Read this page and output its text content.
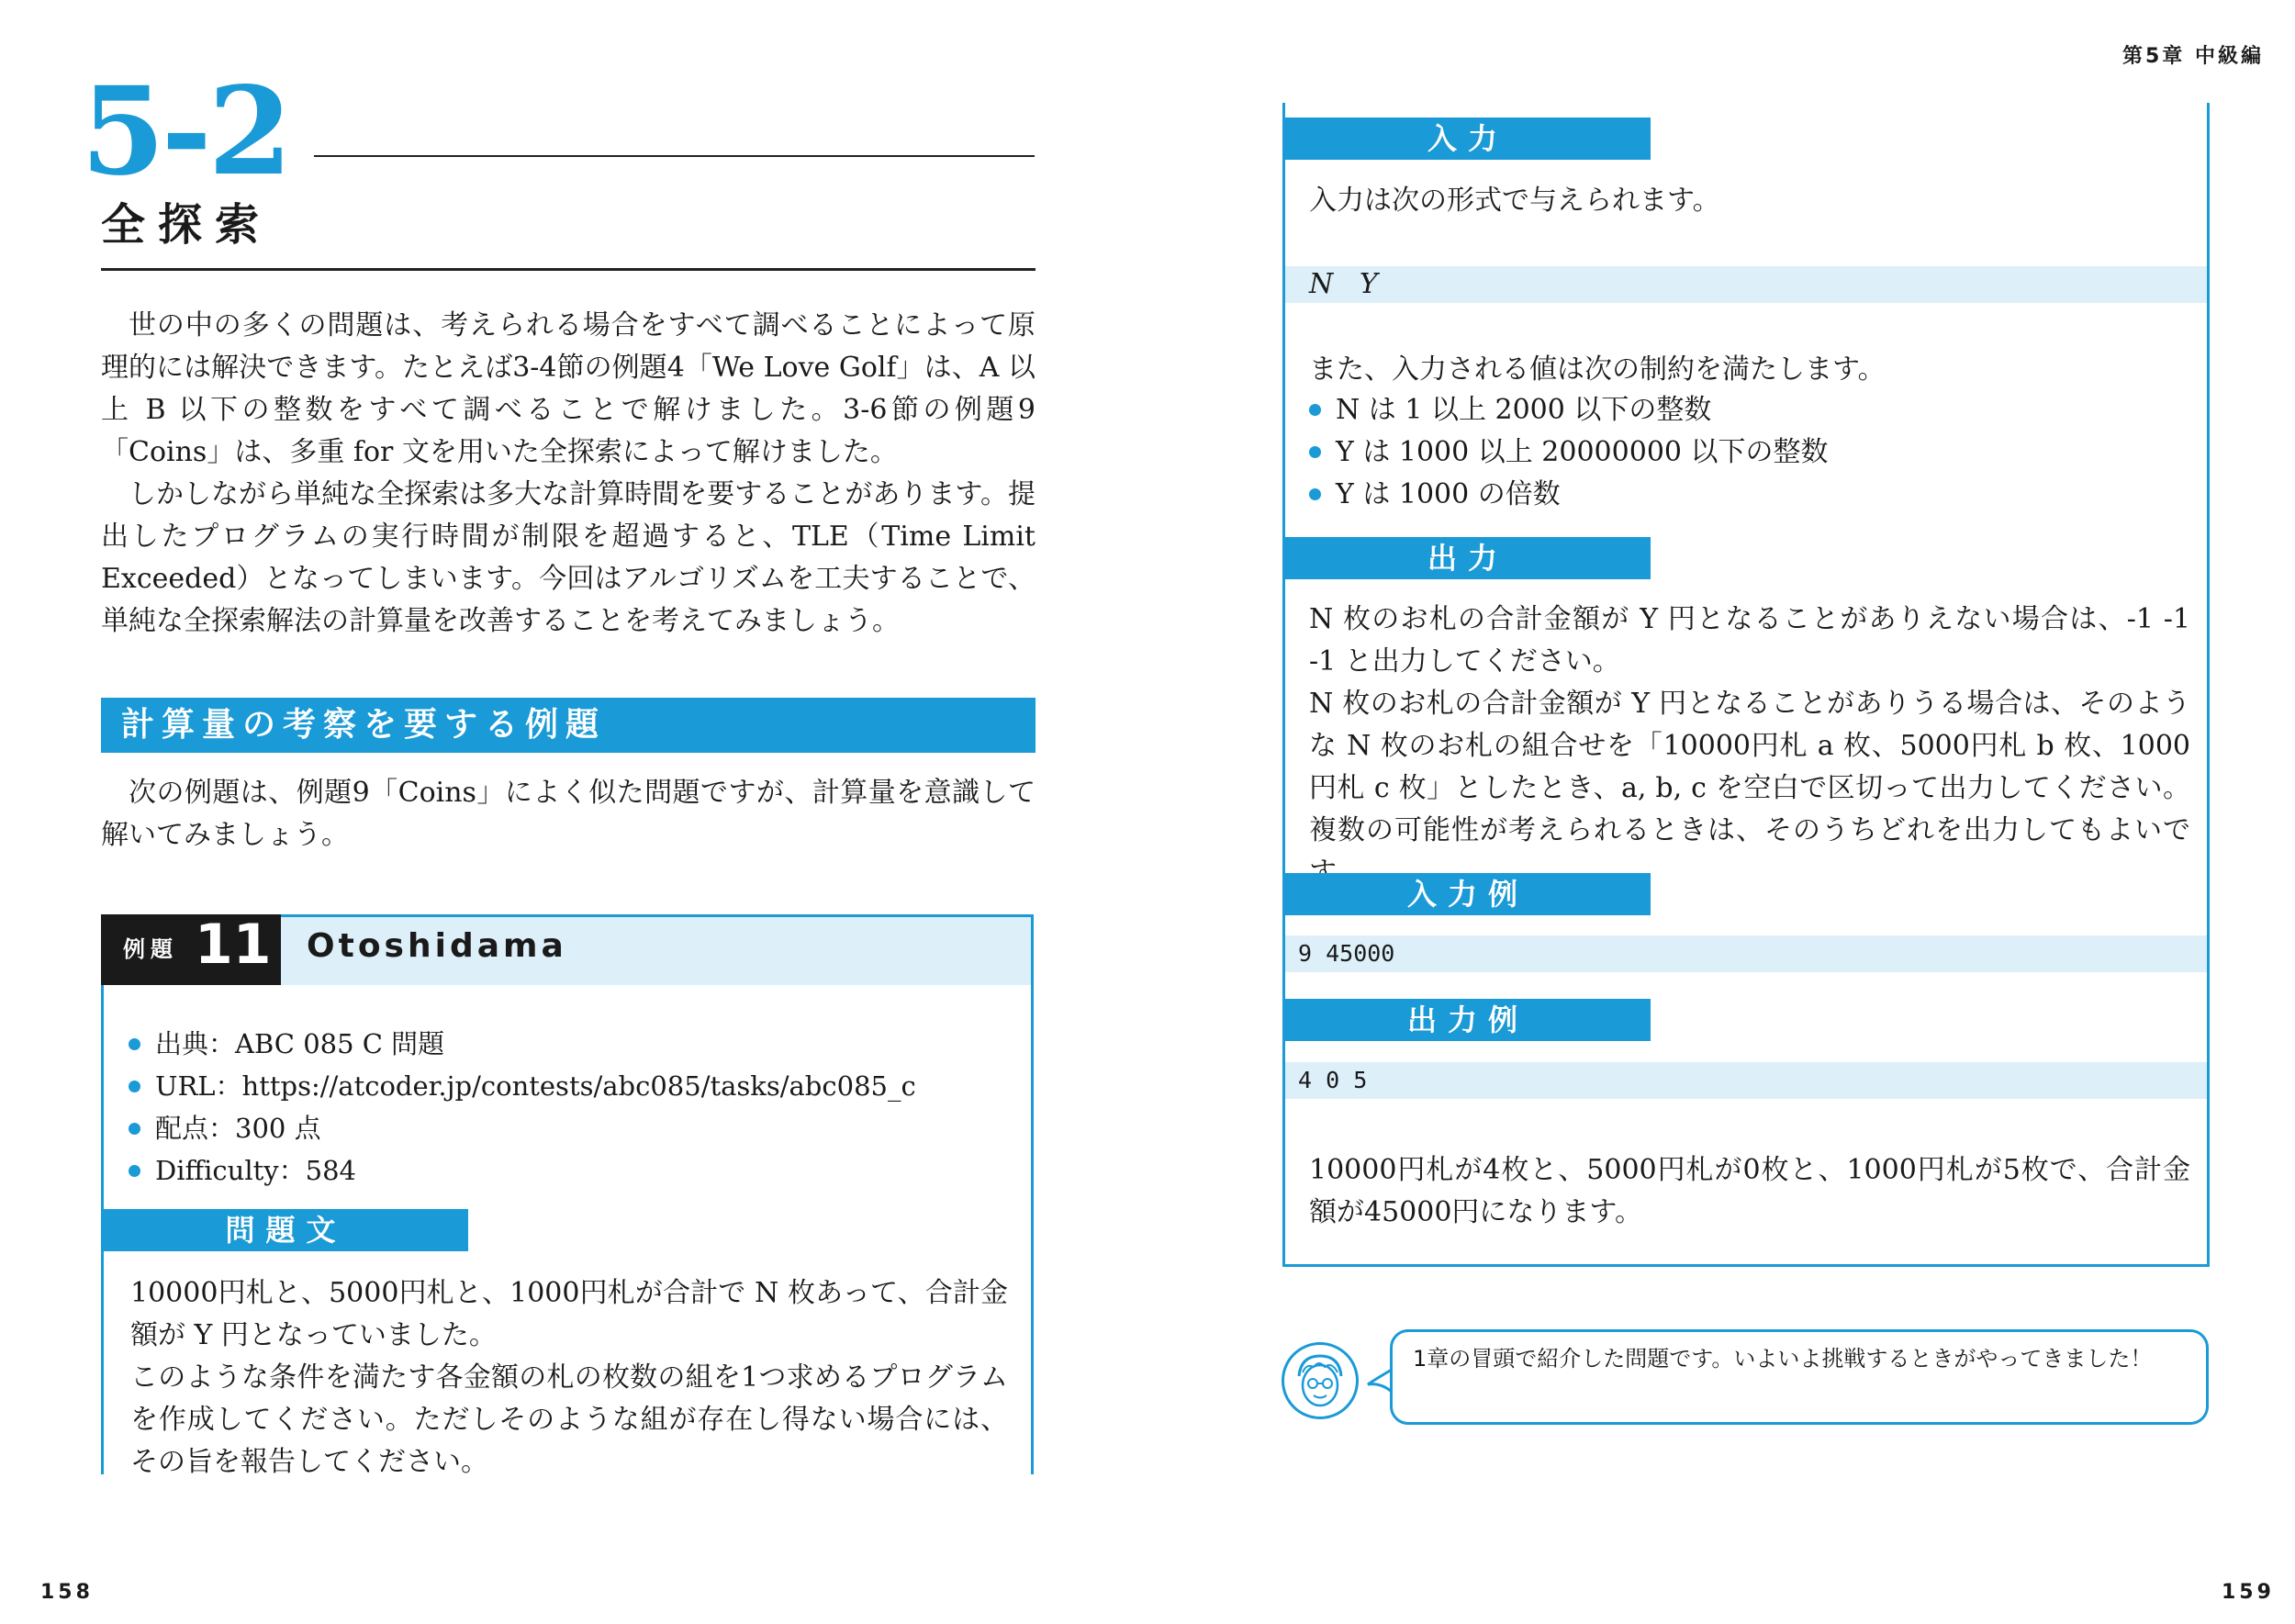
5-2
全探索

世の中の多くの問題は、考えられる場合をすべて調べることによって原理的には解決できます。たとえば3-4節の例題4「We Love Golf」は、A 以上 B 以下の整数をすべて調べることで解けました。3-6節の例題9「Coins」は、多重 for 文を用いた全探索によって解けました。

しかしながら単純な全探索は多大な計算時間を要することがあります。提出したプログラムの実行時間が制限を超過すると、TLE（Time Limit Exceeded）となってしまいます。今回はアルゴリズムを工夫することで、単純な全探索解法の計算量を改善することを考えてみましょう。

計算量の考察を要する例題

次の例題は、例題9「Coins」によく似た問題ですが、計算量を意識して解いてみましょう。

例題 11 Otoshidama
出典：ABC 085 C 問題
URL：https://atcoder.jp/contests/abc085/tasks/abc085_c
配点：300 点
Difficulty：584
問題文

10000円札と、5000円札と、1000円札が合計で N 枚あって、合計金額が Y 円となっていました。

このような条件を満たす各金額の札の枚数の組を1つ求めるプログラムを作成してください。ただしそのような組が存在し得ない場合には、その旨を報告してください。

158
第5章 中級編
入力
入力は次の形式で与えられます。
N   Y
また、入力される値は次の制約を満たします。
N は 1 以上 2000 以下の整数
Y は 1000 以上 20000000 以下の整数
Y は 1000 の倍数
出力

N 枚のお札の合計金額が Y 円となることがありえない場合は、-1 -1 -1 と出力してください。

N 枚のお札の合計金額が Y 円となることがありうる場合は、そのような N 枚のお札の組合せを「10000円札 a 枚、5000円札 b 枚、1000円札 c 枚」としたとき、a, b, c を空白で区切って出力してください。複数の可能性が考えられるときは、そのうちどれを出力してもよいで

入力例
9 45000
出力例
4 0 5
10000円札が4枚と、5000円札が0枚と、1000円札が5枚で、合計金額が45000円になります。
1章の冒頭で紹介した問題です。いよいよ挑戦するときがやってきました！
159
